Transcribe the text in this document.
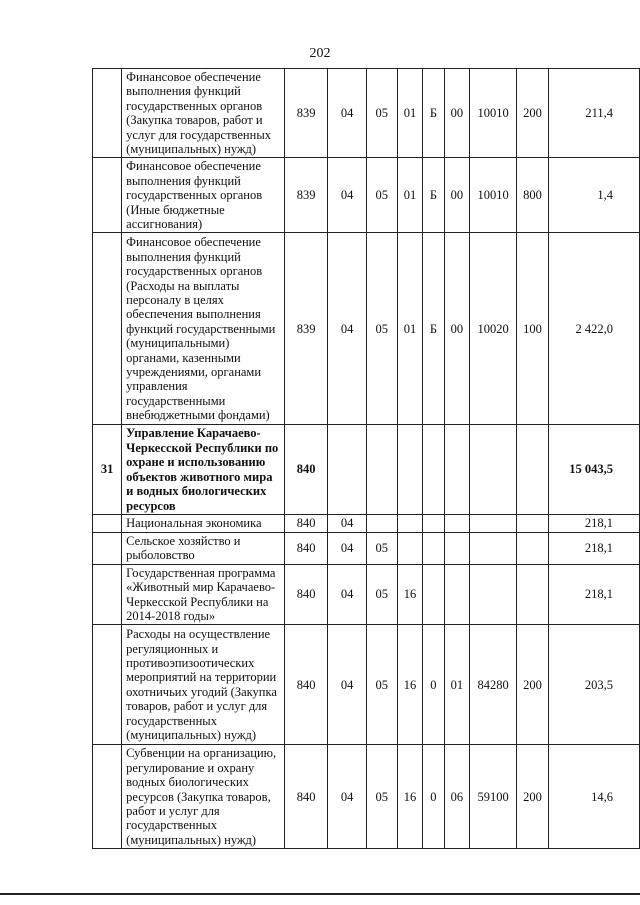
202
	Финансовое обеспечение выполнения функций государственных органов (Закупка товаров, работ и услуг для государственных (муниципальных) нужд)	839	04	05	01	Б	00	10010	200	211,4
	Финансовое обеспечение выполнения функций государственных органов (Иные бюджетные ассигнования)	839	04	05	01	Б	00	10010	800	1,4
	Финансовое обеспечение выполнения функций государственных органов (Расходы на выплаты персоналу в целях обеспечения выполнения функций государственными (муниципальными) органами, казенными учреждениями, органами управления государственными внебюджетными фондами)	839	04	05	01	Б	00	10020	100	2 422,0
31	Управление Карачаево-Черкесской Республики по охране и использованию объектов животного мира и водных биологических ресурсов	840								15 043,5
	Национальная экономика	840	04							218,1
	Сельское хозяйство и рыболовство	840	04	05						218,1
	Государственная программа «Животный мир Карачаево-Черкесской Республики на 2014-2018 годы»	840	04	05	16					218,1
	Расходы на осуществление регуляционных и противоэпизоотических мероприятий на территории охотничьих угодий (Закупка товаров, работ и услуг для государственных (муниципальных) нужд)	840	04	05	16	0	01	84280	200	203,5
	Субвенции на организацию, регулирование и охрану водных биологических ресурсов (Закупка товаров, работ и услуг для государственных (муниципальных) нужд)	840	04	05	16	0	06	59100	200	14,6
